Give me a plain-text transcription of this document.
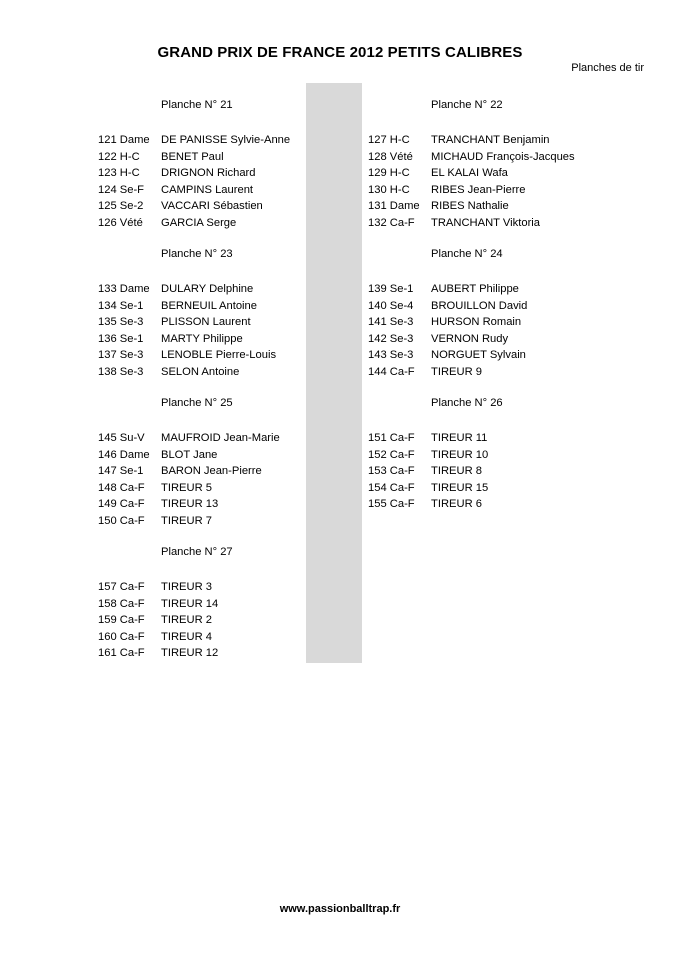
GRAND PRIX DE FRANCE 2012 PETITS CALIBRES
Planches de tir
Planche N° 21
121 Dame DE PANISSE Sylvie-Anne
122 H-C BENET Paul
123 H-C DRIGNON Richard
124 Se-F CAMPINS Laurent
125 Se-2 VACCARI Sébastien
126 Vété GARCIA Serge
Planche N° 23
133 Dame DULARY Delphine
134 Se-1 BERNEUIL Antoine
135 Se-3 PLISSON Laurent
136 Se-1 MARTY Philippe
137 Se-3 LENOBLE Pierre-Louis
138 Se-3 SELON Antoine
Planche N° 25
145 Su-V MAUFROID Jean-Marie
146 Dame BLOT Jane
147 Se-1 BARON Jean-Pierre
148 Ca-F TIREUR 5
149 Ca-F TIREUR 13
150 Ca-F TIREUR 7
Planche N° 27
157 Ca-F TIREUR 3
158 Ca-F TIREUR 14
159 Ca-F TIREUR 2
160 Ca-F TIREUR 4
161 Ca-F TIREUR 12
Planche N° 22
127 H-C TRANCHANT Benjamin
128 Vété MICHAUD François-Jacques
129 H-C EL KALAI Wafa
130 H-C RIBES Jean-Pierre
131 Dame RIBES Nathalie
132 Ca-F TRANCHANT Viktoria
Planche N° 24
139 Se-1 AUBERT Philippe
140 Se-4 BROUILLON David
141 Se-3 HURSON Romain
142 Se-3 VERNON Rudy
143 Se-3 NORGUET Sylvain
144 Ca-F TIREUR 9
Planche N° 26
151 Ca-F TIREUR 11
152 Ca-F TIREUR 10
153 Ca-F TIREUR 8
154 Ca-F TIREUR 15
155 Ca-F TIREUR 6
www.passionballtrap.fr
